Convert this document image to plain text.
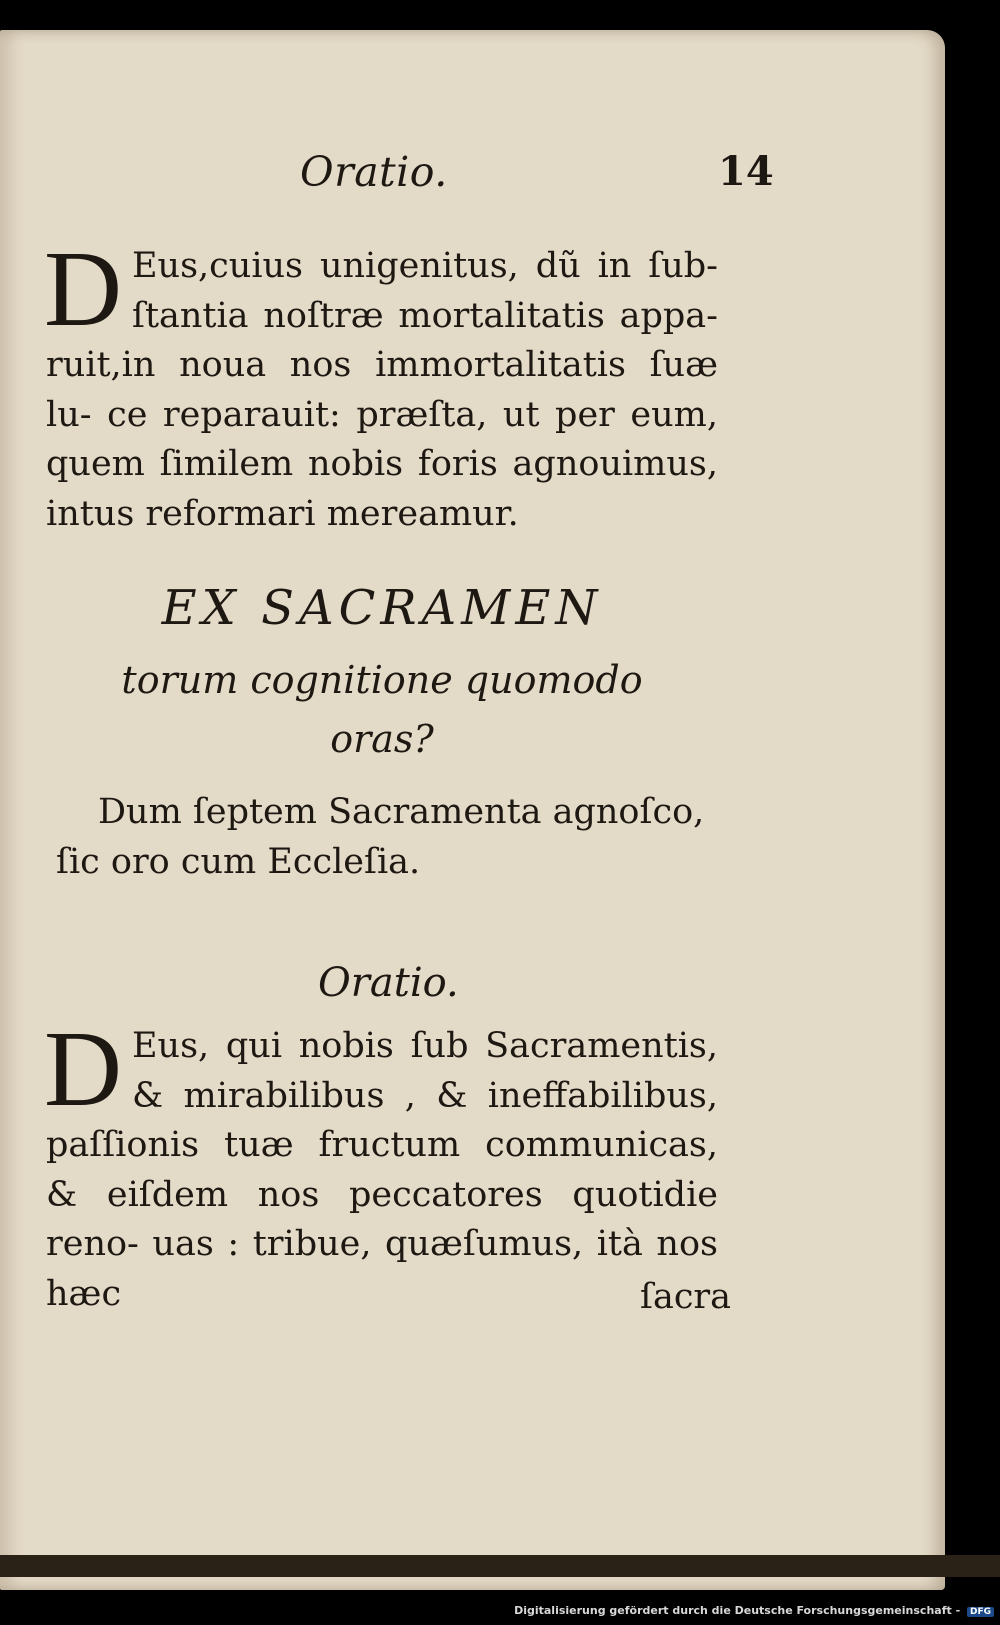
Oratio.	14
D Eus,cuius unigenitus, dũ in ſub- ſtantia noſtræ mortalitatis appa- ruit,in noua nos immortalitatis ſuæ lu- ce reparauit: præſta, ut per eum, quem ſimilem nobis foris agnouimus, intus reformari mereamur.
EX SACRAMEN
torum cognitione quomodo
oras?
Dum ſeptem Sacramenta agnoſco,
ſic oro cum Eccleſia.
Oratio.
D Eus, qui nobis ſub Sacramentis, & mirabilibus , & ineffabilibus, paſſionis tuæ fructum communicas, & eiſdem nos peccatores quotidie reno- uas : tribue, quæſumus, ità nos hæc	ſacra
Digitalisierung gefördert durch die Deutsche Forschungsgemeinschaft - DFG
